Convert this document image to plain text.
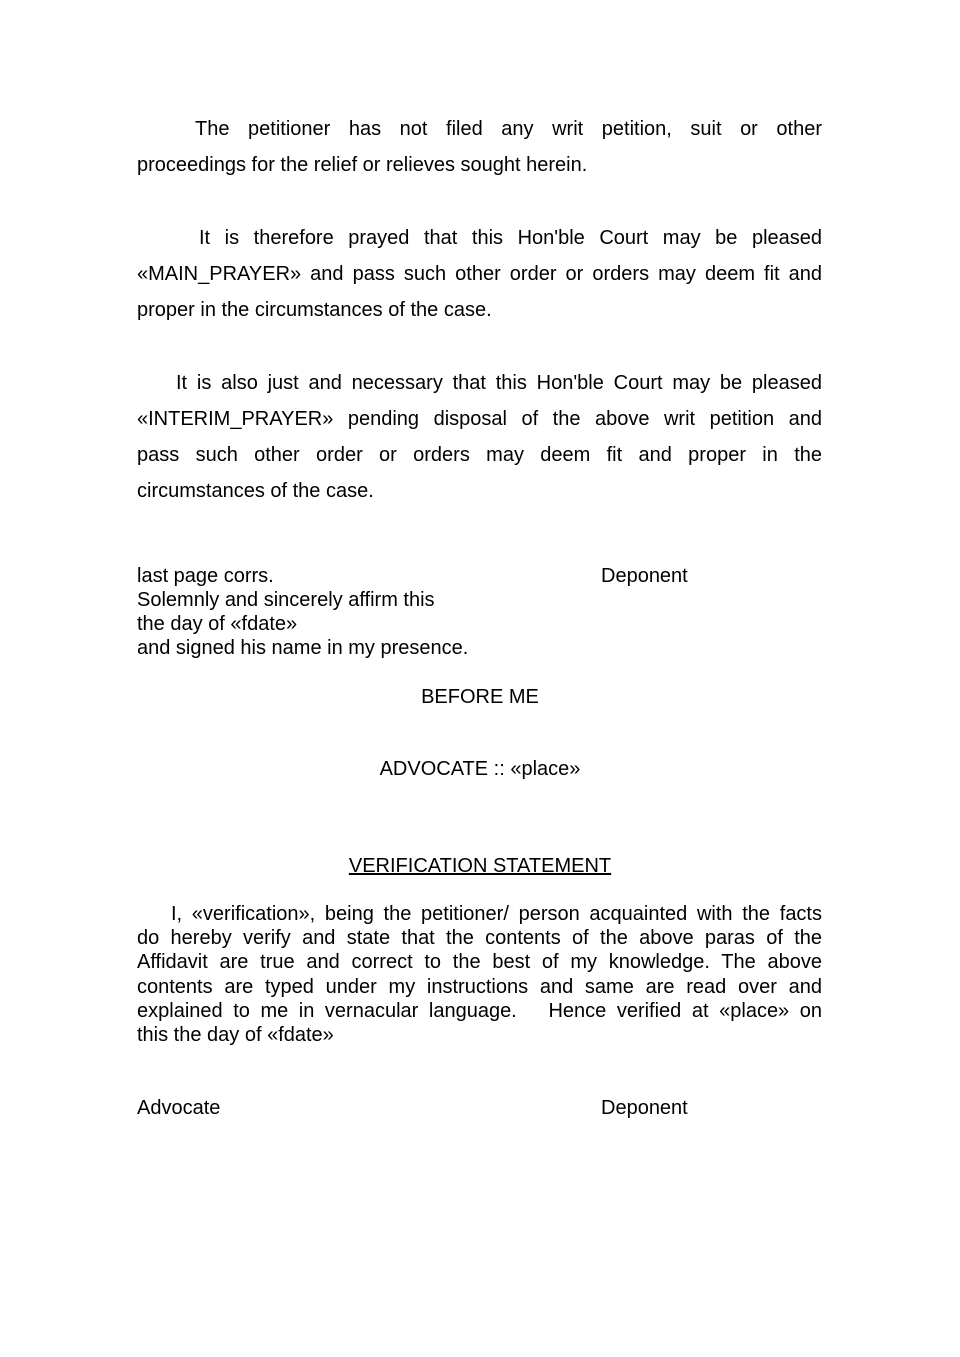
The petitioner has not filed any writ petition, suit or other
proceedings for the relief or relieves sought herein.
It is therefore prayed that this Hon'ble Court may be pleased
«MAIN_PRAYER» and pass such other order or orders may deem fit and
proper in the circumstances of the case.
It is also just and necessary that this Hon'ble Court may be pleased
«INTERIM_PRAYER» pending disposal of the above writ petition and
pass such other order or orders may deem fit and proper in the
circumstances of the case.
last page corrs.	Deponent
Solemnly and sincerely affirm this
the day of «fdate»
and signed his name in my presence.
BEFORE ME
ADVOCATE :: «place»
VERIFICATION STATEMENT
I, «verification», being the petitioner/ person acquainted with the facts
do hereby verify and state that the contents of the above paras of the
Affidavit are true and correct to the best of my knowledge. The above
contents are typed under my instructions and same are read over and
explained to me in vernacular language.   Hence verified at «place» on
this the day of «fdate»
Advocate	Deponent
